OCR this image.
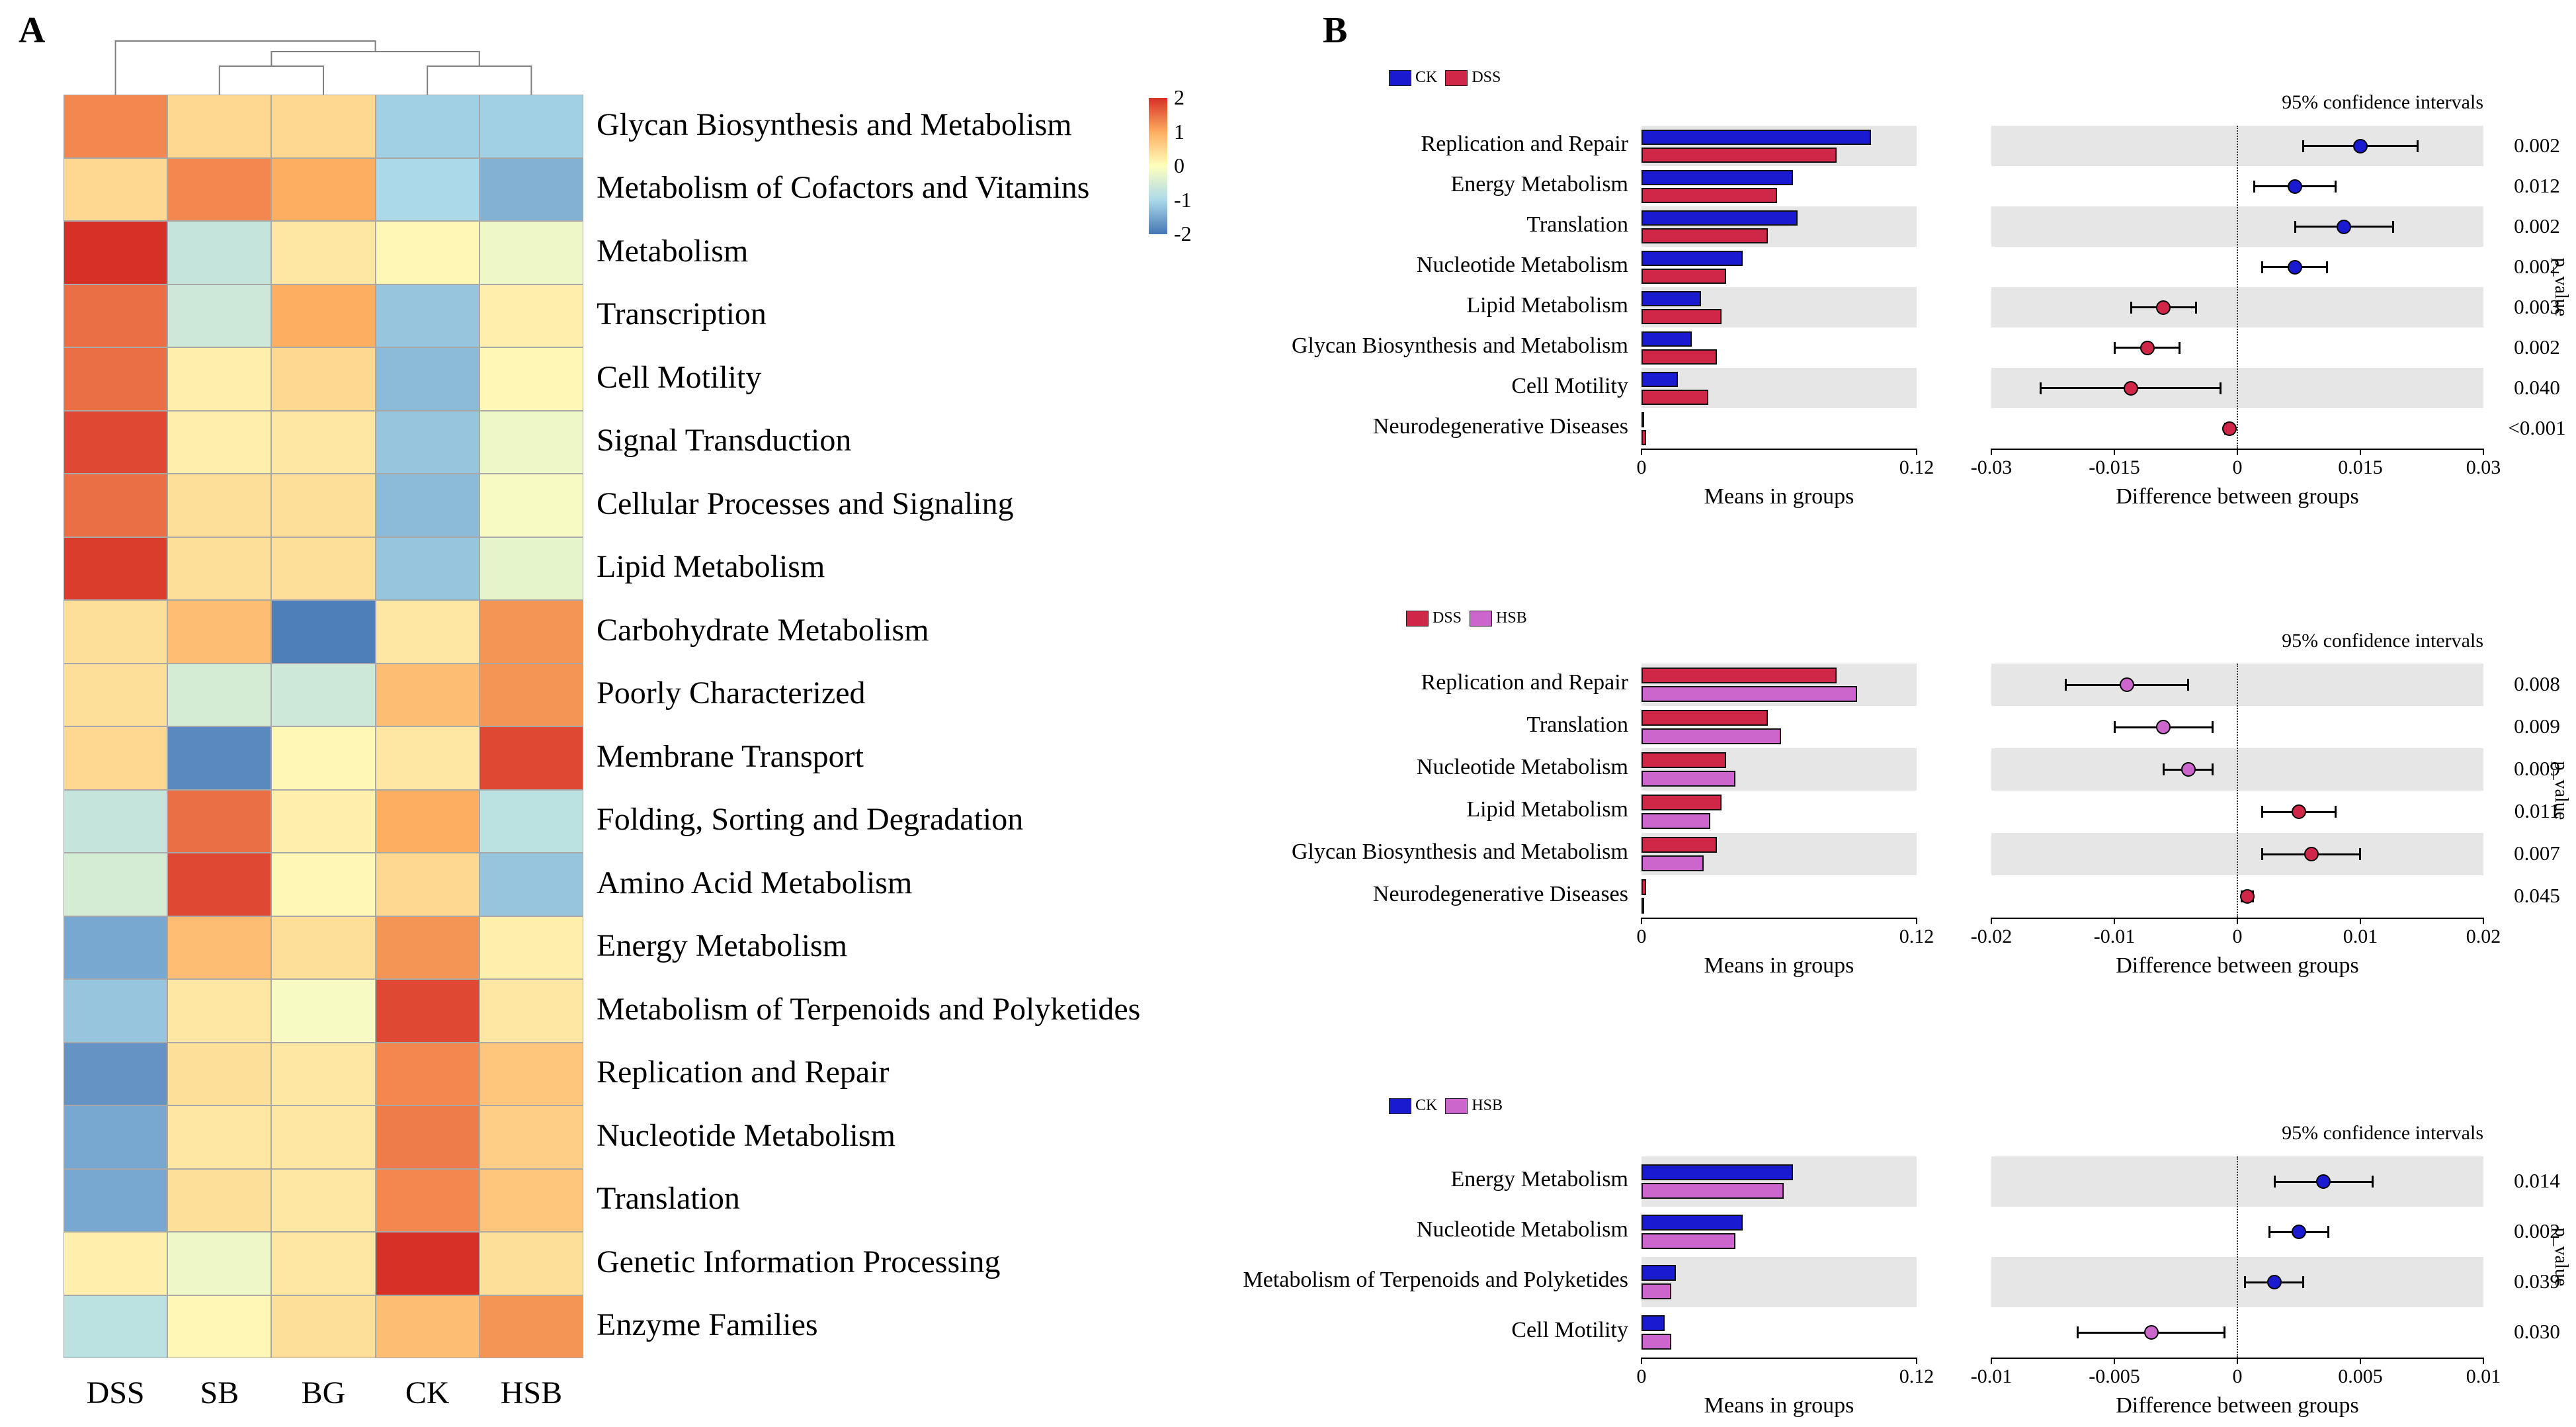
A	B
Glycan Biosynthesis and Metabolism
Metabolism of Cofactors and Vitamins
Metabolism
Transcription
Cell Motility
Signal Transduction
Cellular Processes and Signaling
Lipid Metabolism
Carbohydrate Metabolism
Poorly Characterized
Membrane Transport
Folding, Sorting and Degradation
Amino Acid Metabolism
Energy Metabolism
Metabolism of Terpenoids and Polyketides
Replication and Repair
Nucleotide Metabolism
Translation
Genetic Information Processing
Enzyme Families
DSS SB BG CK HSB
2
1
0
-1
-2
CK DSS
95% confidence intervals
Replication and Repair	0.002
Energy Metabolism	0.012
Translation	0.002
Nucleotide Metabolism	0.002
Lipid Metabolism	0.003
Glycan Biosynthesis and Metabolism	0.002
Cell Motility	0.040
Neurodegenerative Diseases	<0.001
0	0.12	-0.03	-0.015	0	0.015	0.03
Means in groups	Difference between groups
p_value
DSS HSB
95% confidence intervals
Replication and Repair	0.008
Translation	0.009
Nucleotide Metabolism	0.009
Lipid Metabolism	0.011
Glycan Biosynthesis and Metabolism	0.007
Neurodegenerative Diseases	0.045
0	0.12	-0.02	-0.01	0	0.01	0.02
Means in groups	Difference between groups
p_value
CK HSB
95% confidence intervals
Energy Metabolism	0.014
Nucleotide Metabolism	0.002
Metabolism of Terpenoids and Polyketides	0.039
Cell Motility	0.030
0	0.12	-0.01	-0.005	0	0.005	0.01
Means in groups	Difference between groups
p_value
